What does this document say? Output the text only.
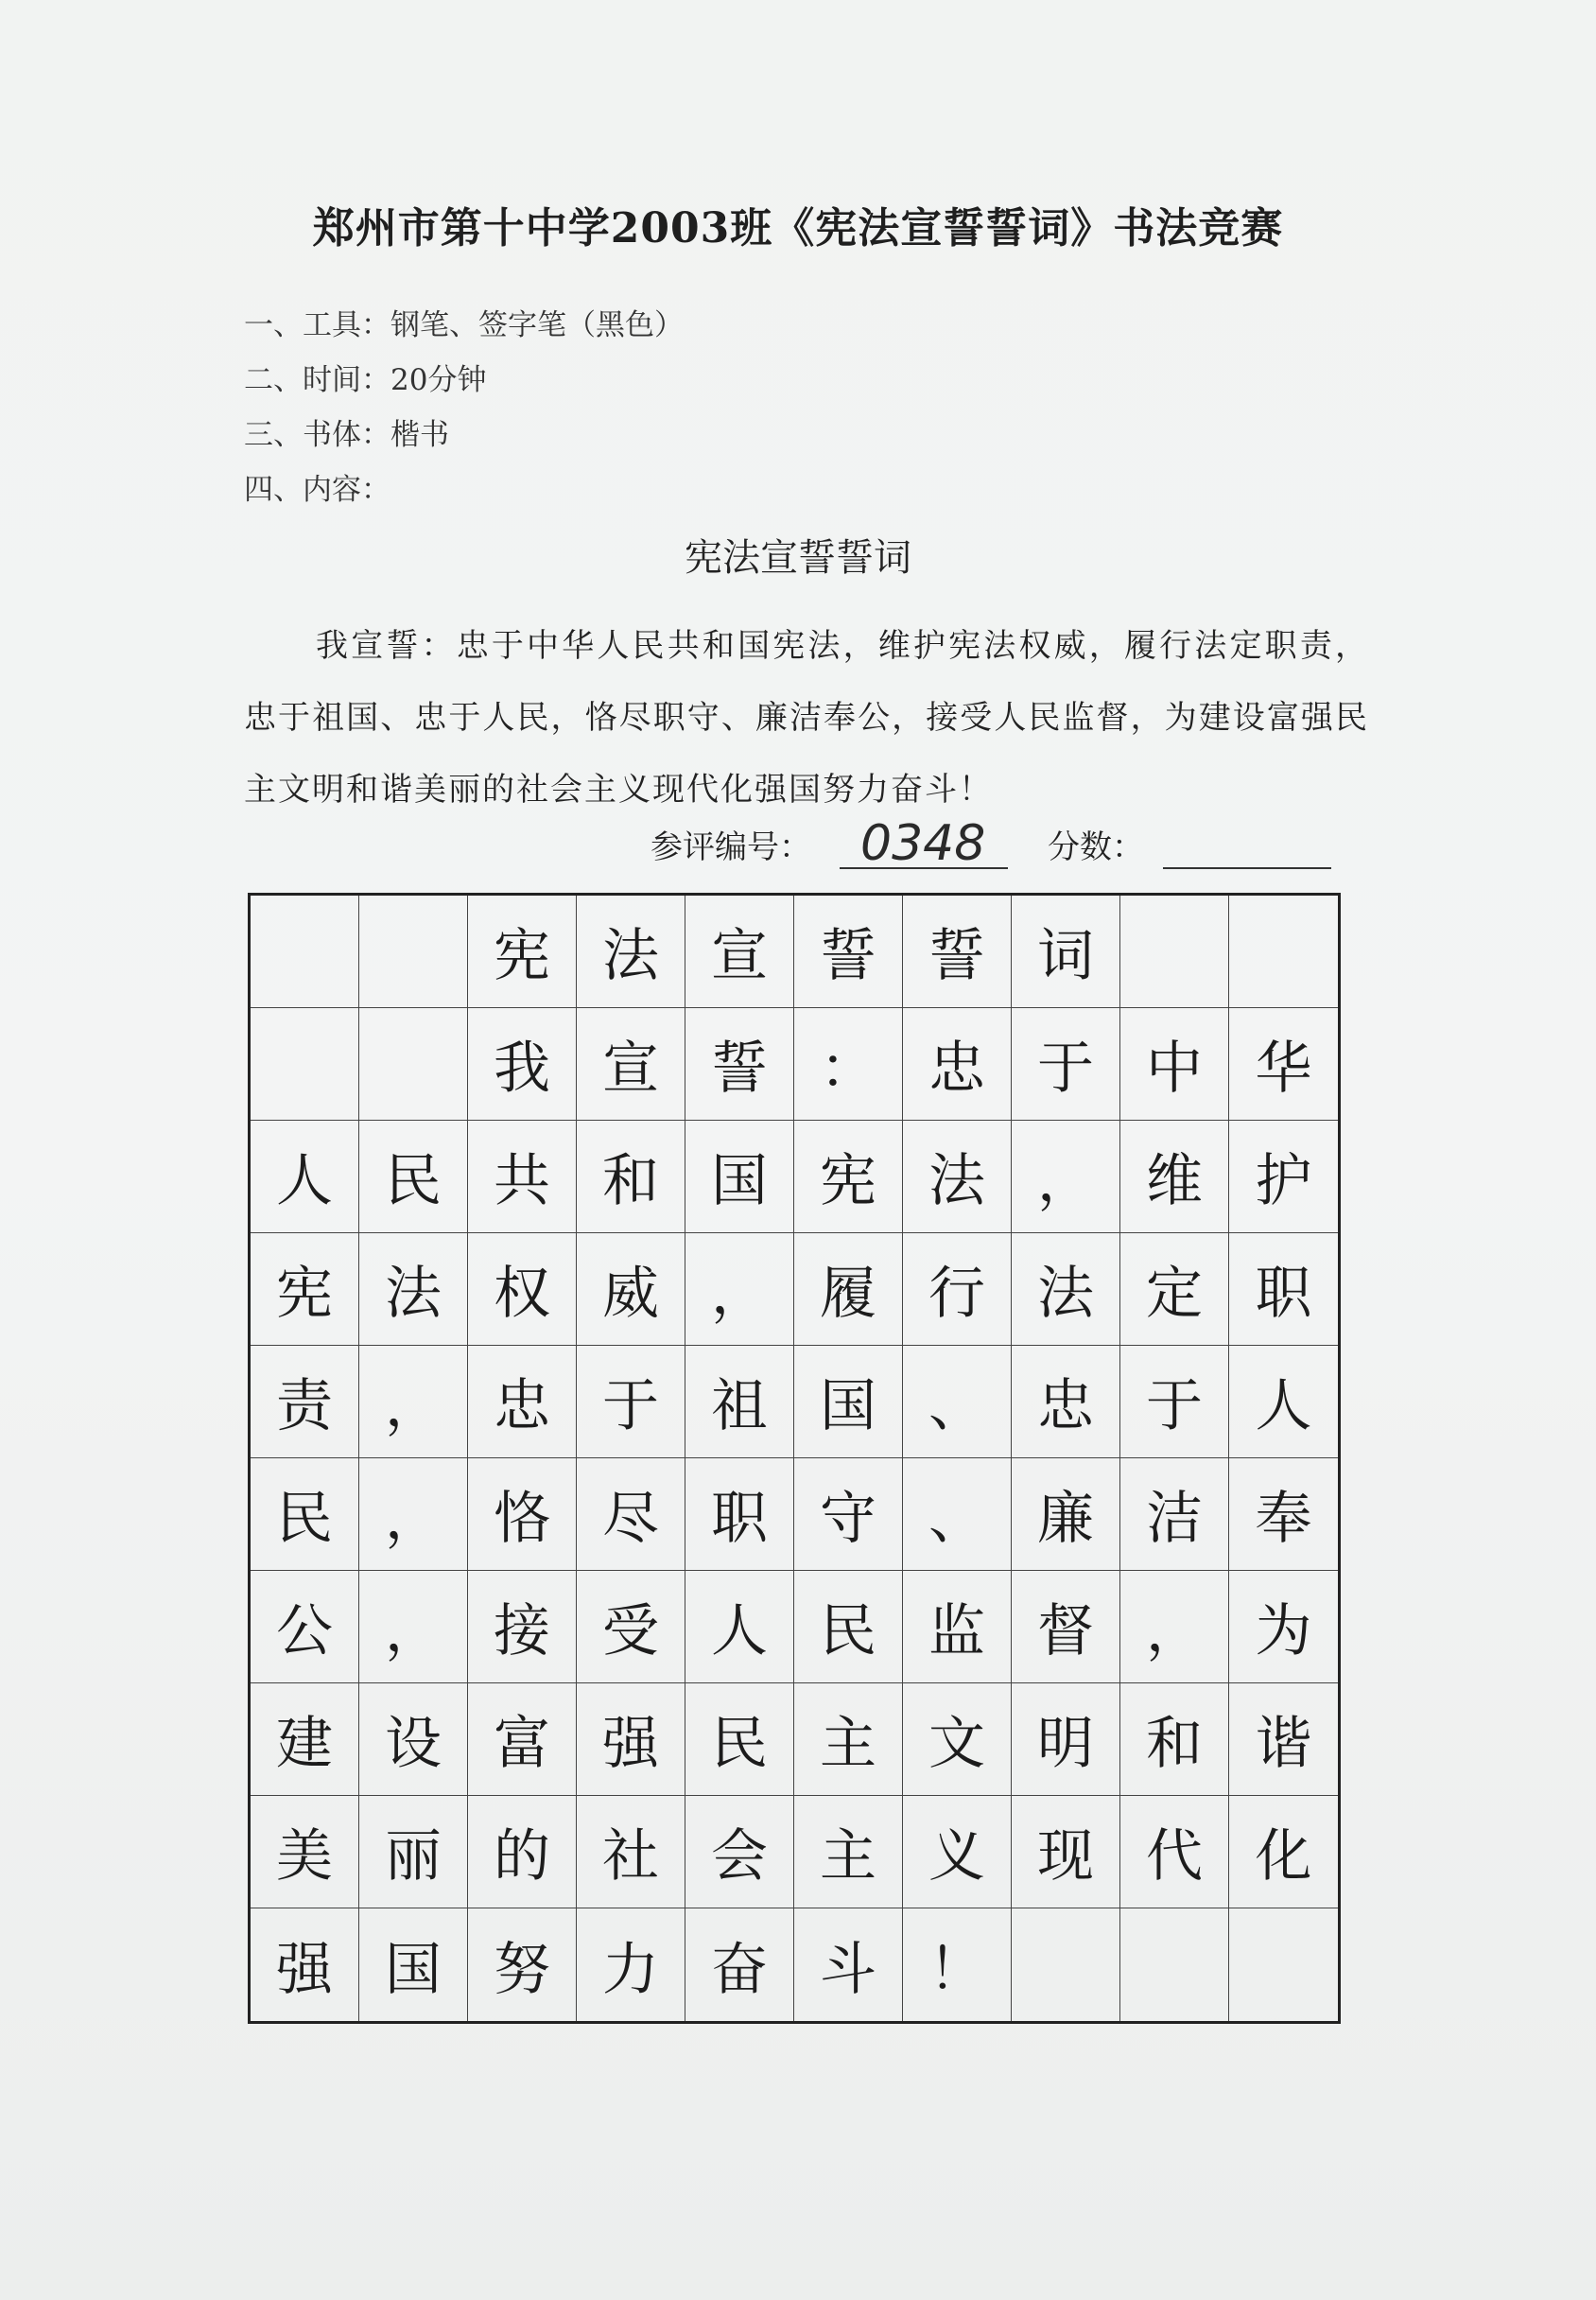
郑州市第十中学2003班《宪法宣誓誓词》书法竞赛
一、工具：钢笔、签字笔（黑色）
二、时间：20分钟
三、书体：楷书
四、内容：
宪法宣誓誓词
我宣誓：忠于中华人民共和国宪法，维护宪法权威，履行法定职责，忠于祖国、忠于人民，恪尽职守、廉洁奉公，接受人民监督，为建设富强民主文明和谐美丽的社会主义现代化强国努力奋斗！
参评编号： 0348 分数：
宪 法 宣 誓 誓 词
我 宣 誓 ： 忠 于 中 华
人 民 共 和 国 宪 法 ， 维 护
宪 法 权 威 ， 履 行 法 定 职
责 ， 忠 于 祖 国 、 忠 于 人
民 ， 恪 尽 职 守 、 廉 洁 奉
公 ， 接 受 人 民 监 督 ， 为
建 设 富 强 民 主 文 明 和 谐
美 丽 的 社 会 主 义 现 代 化
强 国 努 力 奋 斗 ！
